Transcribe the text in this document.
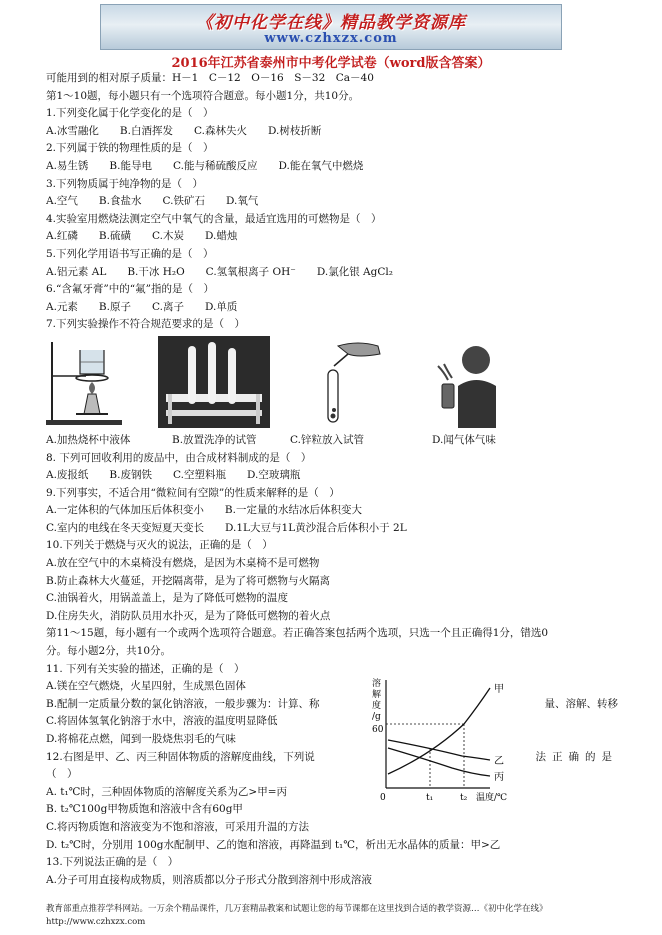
《初中化学在线》精品教学资源库
www.czhxzx.com
2016年江苏省泰州市中考化学试卷（word版含答案）
可能用到的相对原子质量：H－1　C－12　O－16　S－32　Ca－40
第1～10题，每小题只有一个选项符合题意。每小题1分，共10分。
1.下列变化属于化学变化的是（　）
A.冰雪融化　　B.白酒挥发　　C.森林失火　　D.树枝折断
2.下列属于铁的物理性质的是（　）
A.易生锈　　B.能导电　　C.能与稀硫酸反应　　D.能在氧气中燃烧
3.下列物质属于纯净物的是（　）
A.空气　　B.食盐水　　C.铁矿石　　D.氧气
4.实验室用燃烧法测定空气中氧气的含量，最适宜选用的可燃物是（　）
A.红磷　　B.硫磺　　C.木炭　　D.蜡烛
5.下列化学用语书写正确的是（　）
A.铝元素 AL　　B.干冰 H₂O　　C.氢氧根离子 OH⁻　　D.氯化银 AgCl₂
6.“含氟牙膏”中的“氟”指的是（　）
A.元素　　B.原子　　C.离子　　D.单质
7.下列实验操作不符合规范要求的是（　）
A.加热烧杯中液体	B.放置洗净的试管	C.锌粒放入试管	D.闻气体气味
8. 下列可回收利用的废品中，由合成材料制成的是（　）
A.废报纸　　B.废钢铁　　C.空塑料瓶　　D.空玻璃瓶
9.下列事实，不适合用“微粒间有空隙”的性质来解释的是（　）
A.一定体积的气体加压后体积变小　　B.一定量的水结冰后体积变大
C.室内的电线在冬天变短夏天变长　　D.1L大豆与1L黄沙混合后体积小于 2L
10.下列关于燃烧与灭火的说法，正确的是（　）
A.放在空气中的木桌椅没有燃烧，是因为木桌椅不是可燃物
B.防止森林大火蔓延，开挖隔离带，是为了将可燃物与火隔离
C.油锅着火，用锅盖盖上，是为了降低可燃物的温度
D.住房失火，消防队员用水扑灭，是为了降低可燃物的着火点
第11～15题，每小题有一个或两个选项符合题意。若正确答案包括两个选项，只选一个且正确得1分，错选0
分。每小题2分，共10分。
11. 下列有关实验的描述，正确的是（　）
A.镁在空气燃烧，火星四射，生成黑色固体
B.配制一定质量分数的氯化钠溶液，一般步骤为：计算、称	量、溶解、转移
C.将固体氢氧化钠溶于水中，溶液的温度明显降低
D.将棉花点燃，闻到一股烧焦羽毛的气味
12.右图是甲、乙、丙三种固体物质的溶解度曲线，下列说	法正确的是
（　）
A. t₁℃时，三种固体物质的溶解度关系为乙>甲=丙
B. t₂℃100g甲物质饱和溶液中含有60g甲
C.将丙物质饱和溶液变为不饱和溶液，可采用升温的方法
D. t₂℃时，分别用 100g水配制甲、乙的饱和溶液，再降温到 t₁℃，析出无水晶体的质量：甲>乙
13.下列说法正确的是（　）
A.分子可用直接构成物质，则溶质都以分子形式分散到溶剂中形成溶液
溶
解
度
/g
60
甲
乙
丙
0	t₁	t₂ 温度/℃
教育部重点推荐学科网站。一万余个精品课件，几万套精品教案和试题让您的每节课都在这里找到合适的教学资源…《初中化学在线》http://www.czhxzx.com
